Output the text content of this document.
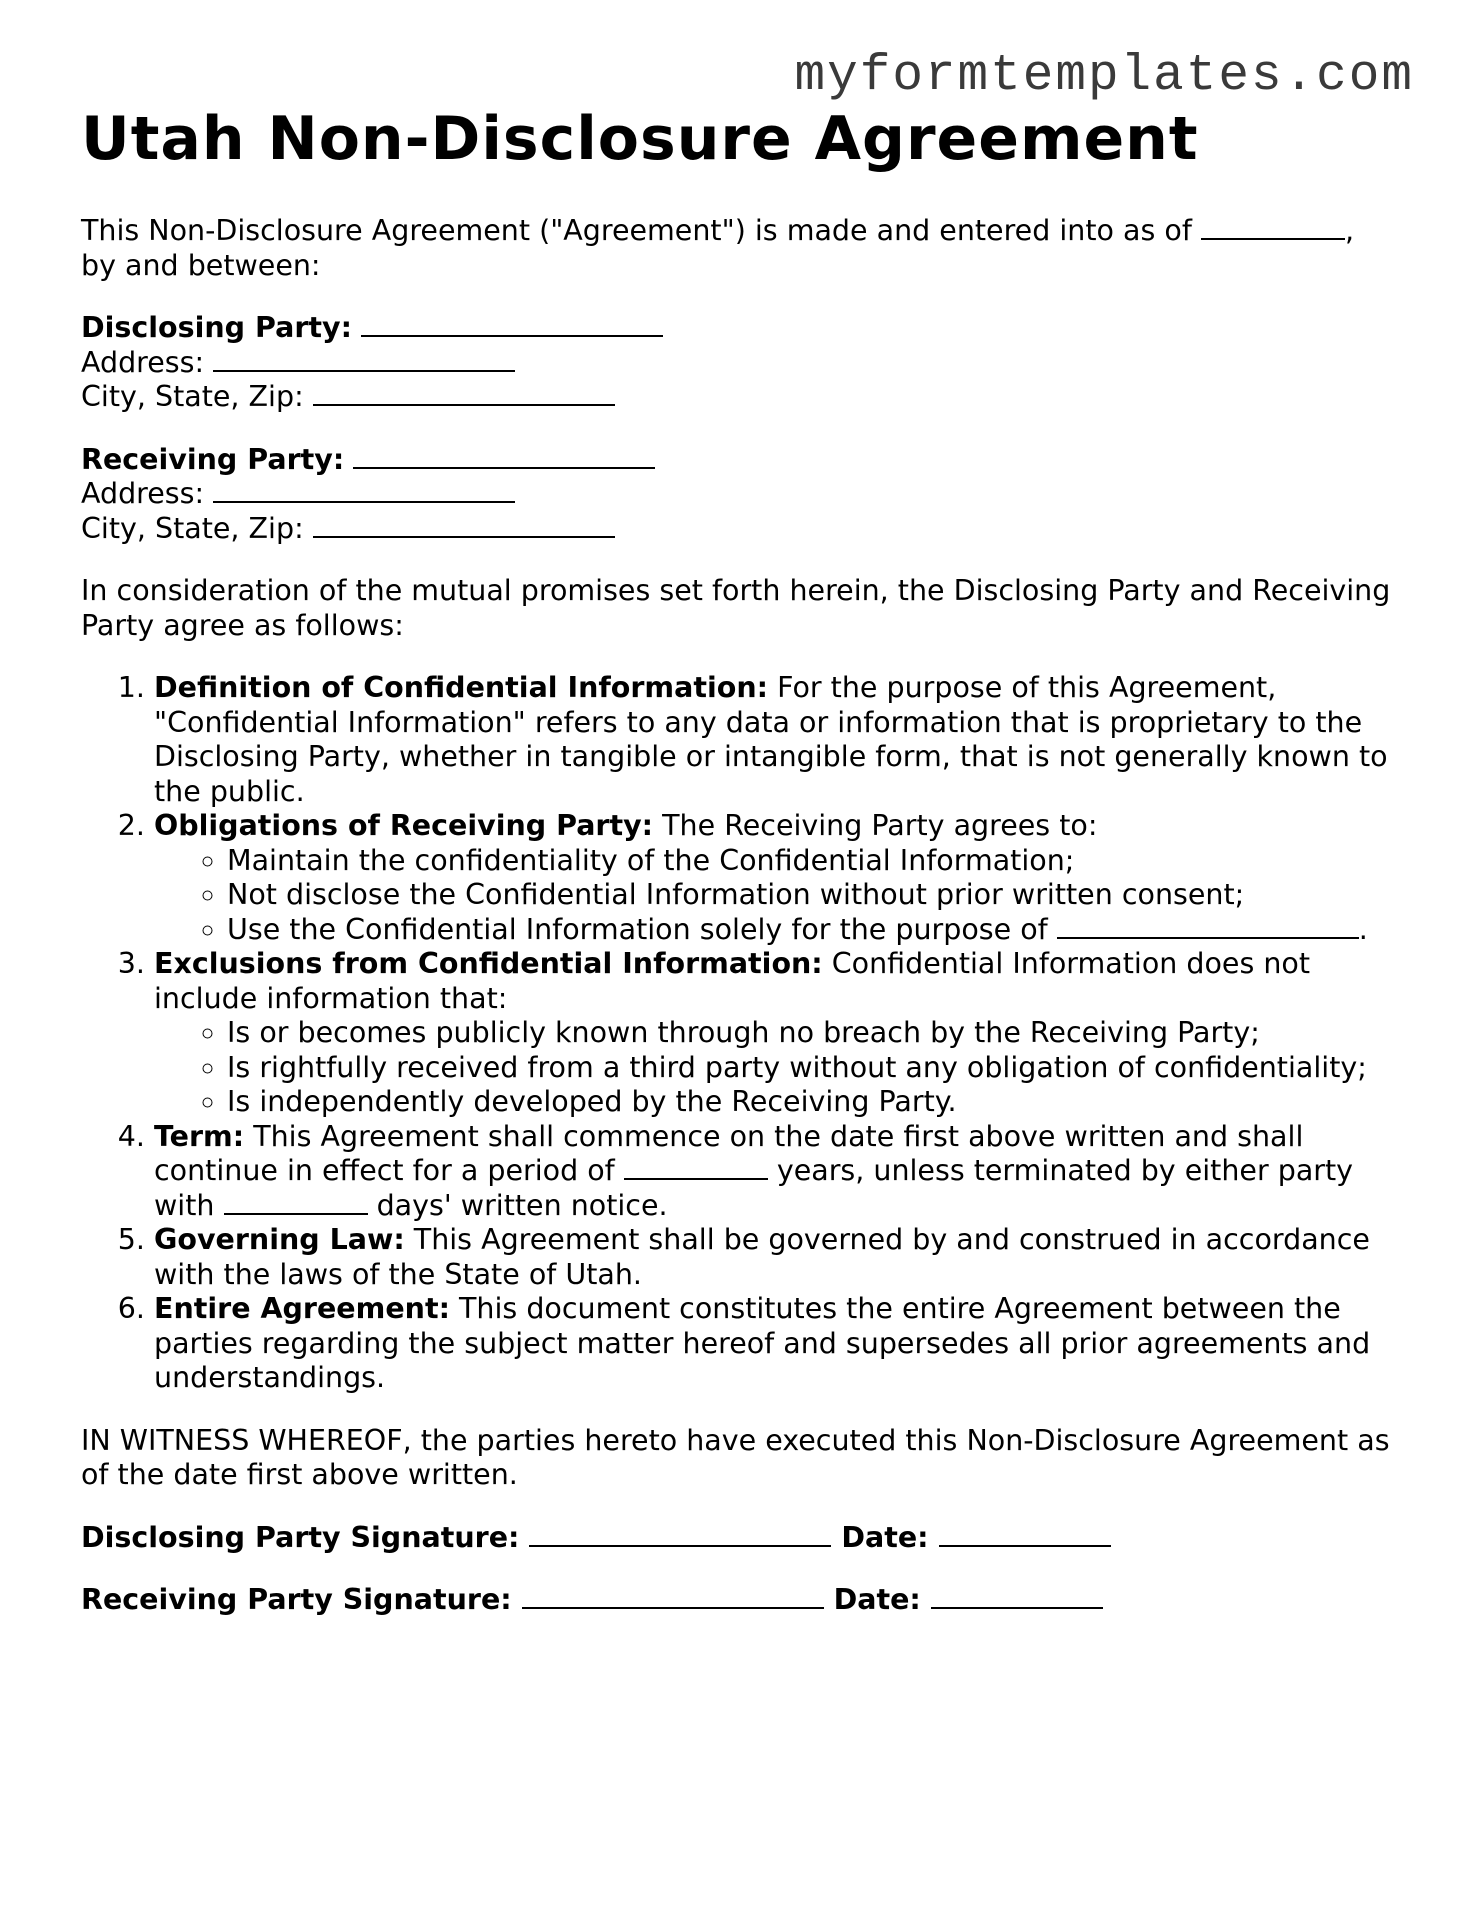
myformtemplates.com
Utah Non-Disclosure Agreement
This Non-Disclosure Agreement ("Agreement") is made and entered into as of	,
by and between:
Disclosing Party:
Address:
City, State, Zip:
Receiving Party:
Address:
City, State, Zip:
In consideration of the mutual promises set forth herein, the Disclosing Party and Receiving Party agree as follows:
1. Definition of Confidential Information: For the purpose of this Agreement, "Confidential Information" refers to any data or information that is proprietary to the Disclosing Party, whether in tangible or intangible form, that is not generally known to the public.
2. Obligations of Receiving Party: The Receiving Party agrees to:
◦ Maintain the confidentiality of the Confidential Information;
◦ Not disclose the Confidential Information without prior written consent;
◦ Use the Confidential Information solely for the purpose of	.
3. Exclusions from Confidential Information: Confidential Information does not include information that:
◦ Is or becomes publicly known through no breach by the Receiving Party;
◦ Is rightfully received from a third party without any obligation of confidentiality;
◦ Is independently developed by the Receiving Party.
4. Term: This Agreement shall commence on the date first above written and shall continue in effect for a period of	years, unless terminated by either party with	days' written notice.
5. Governing Law: This Agreement shall be governed by and construed in accordance with the laws of the State of Utah.
6. Entire Agreement: This document constitutes the entire Agreement between the parties regarding the subject matter hereof and supersedes all prior agreements and understandings.
IN WITNESS WHEREOF, the parties hereto have executed this Non-Disclosure Agreement as of the date first above written.
Disclosing Party Signature:	Date:
Receiving Party Signature:	Date:
